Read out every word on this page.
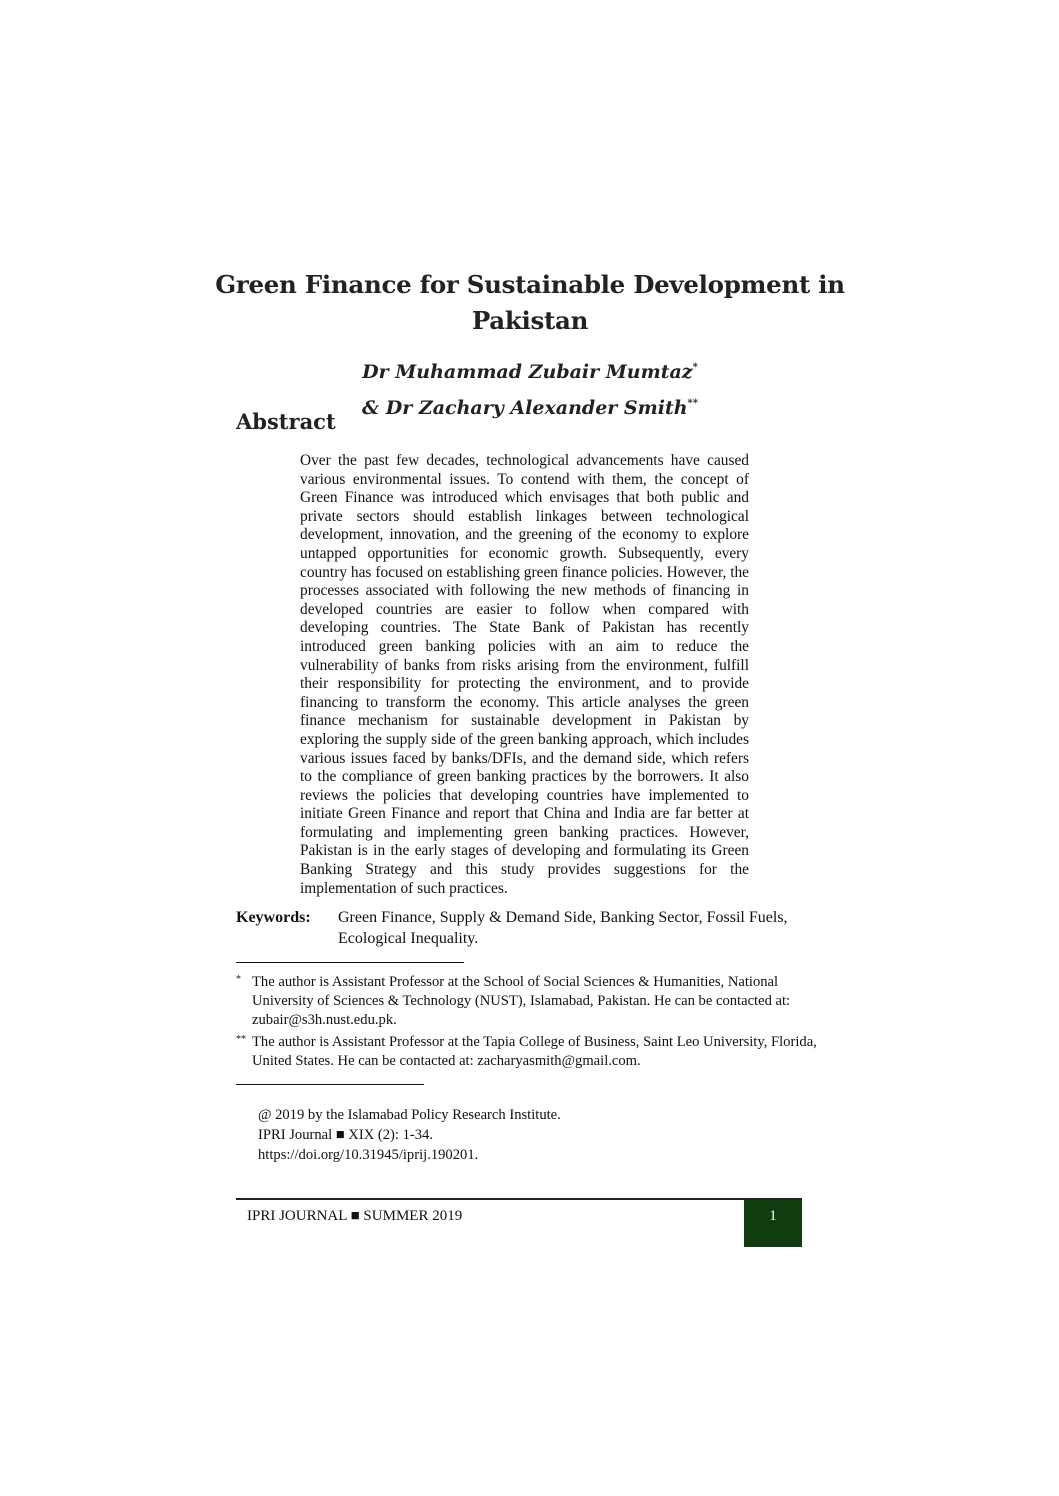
Green Finance for Sustainable Development in Pakistan
Dr Muhammad Zubair Mumtaz*
& Dr Zachary Alexander Smith**
Abstract
Over the past few decades, technological advancements have caused various environmental issues. To contend with them, the concept of Green Finance was introduced which envisages that both public and private sectors should establish linkages between technological development, innovation, and the greening of the economy to explore untapped opportunities for economic growth. Subsequently, every country has focused on establishing green finance policies. However, the processes associated with following the new methods of financing in developed countries are easier to follow when compared with developing countries. The State Bank of Pakistan has recently introduced green banking policies with an aim to reduce the vulnerability of banks from risks arising from the environment, fulfill their responsibility for protecting the environment, and to provide financing to transform the economy. This article analyses the green finance mechanism for sustainable development in Pakistan by exploring the supply side of the green banking approach, which includes various issues faced by banks/DFIs, and the demand side, which refers to the compliance of green banking practices by the borrowers. It also reviews the policies that developing countries have implemented to initiate Green Finance and report that China and India are far better at formulating and implementing green banking practices. However, Pakistan is in the early stages of developing and formulating its Green Banking Strategy and this study provides suggestions for the implementation of such practices.
Keywords: Green Finance, Supply & Demand Side, Banking Sector, Fossil Fuels, Ecological Inequality.
* The author is Assistant Professor at the School of Social Sciences & Humanities, National University of Sciences & Technology (NUST), Islamabad, Pakistan. He can be contacted at: zubair@s3h.nust.edu.pk.
** The author is Assistant Professor at the Tapia College of Business, Saint Leo University, Florida, United States. He can be contacted at: zacharyasmith@gmail.com.
@ 2019 by the Islamabad Policy Research Institute.
IPRI Journal ■ XIX (2): 1-34.
https://doi.org/10.31945/iprij.190201.
IPRI JOURNAL ■ SUMMER 2019	1
